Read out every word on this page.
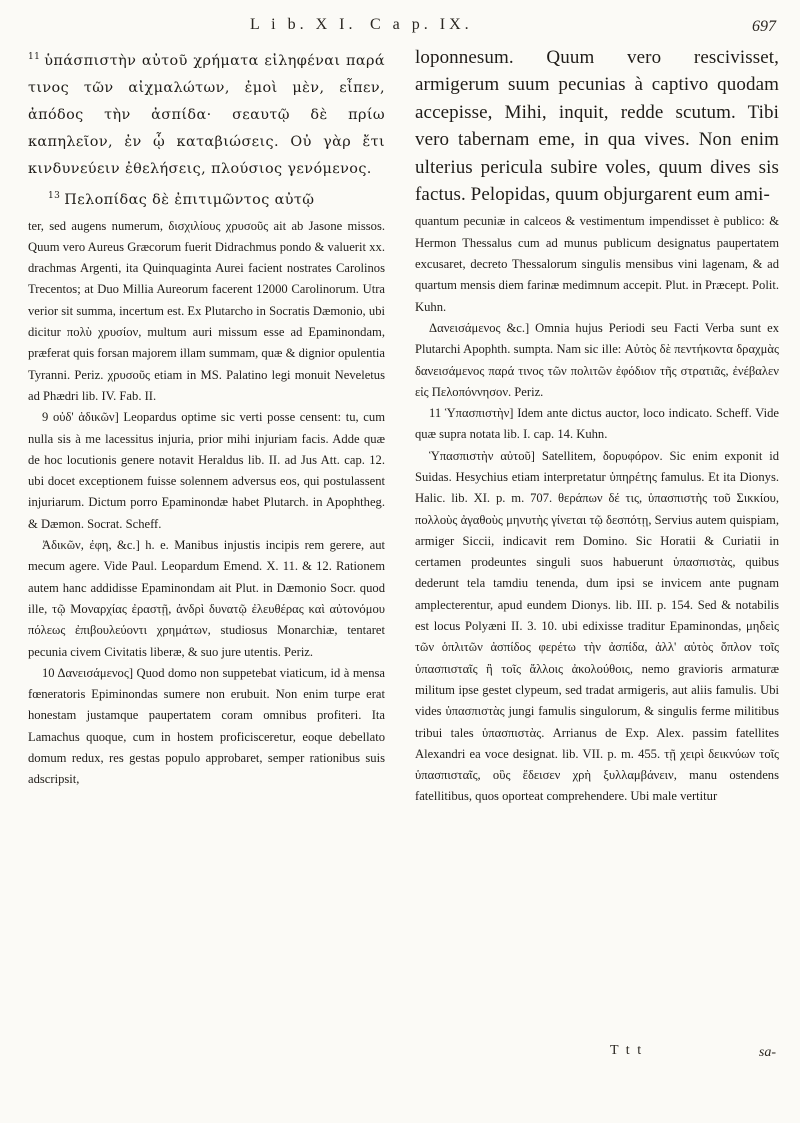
L i b. X I. C a p. IX.	697

$^{11}$ ὑπάσπιστὴν αὐτοῦ χρήματα εἰληφέναι παρά τινος τῶν αἰχμαλώτων, ἐμοὶ μὲν, εἶπεν, ἀπόδος τὴν ἀσπίδα· σεαυτῷ δὲ πρίω καπηλεῖον, ἐν ᾧ καταβιώσεις. Οὐ γὰρ ἔτι κινδυνεύειν ἐθελήσεις, πλούσιος γενόμενος.

$^{13}$ Πελοπίδας δὲ ἐπιτιμῶντος αὐτῷ

ter, sed augens numerum, δισχιλίους χρυσοῦς ait ab Jasone missos. Quum vero Aureus Græcorum fuerit Didrachmus pondo & valuerit xx. drachmas Argenti, ita Quinquaginta Aurei facient nostrates Carolinos Trecentos; at Duo Millia Aureorum facerent 12000 Carolinorum. Utra verior sit summa, incertum est. Ex Plutarcho in Socratis Dæmonio, ubi dicitur πολὺ χρυσίον, multum auri missum esse ad Epaminondam, præferat quis forsan majorem illam summam, quæ & dignior opulentia Tyranni. Periz. χρυσοῦς etiam in MS. Palatino legi monuit Neveletus ad Phædri lib. IV. Fab. II.

9 οὐδ' ἀδικῶν] Leopardus optime sic verti posse censent: tu, cum nulla sis à me lacessitus injuria, prior mihi injuriam facis. Adde quæ de hoc locutionis genere notavit Heraldus lib. II. ad Jus Att. cap. 12. ubi docet exceptionem fuisse solennem adversus eos, qui postulassent injuriarum. Dictum porro Epaminondæ habet Plutarch. in Apophtheg. & Dæmon. Socrat. Scheff.

Ἀδικῶν, ἐφη, &c.] h. e. Manibus injustis incipis rem gerere, aut mecum agere. Vide Paul. Leopardum Emend. X. 11. & 12. Rationem autem hanc addidisse Epaminondam ait Plut. in Dæmonio Socr. quod ille, τῷ Μοναρχίας ἐραστῇ, ἀνδρὶ δυνατῷ ἐλευθέρας καὶ αὐτονόμου πόλεως ἐπιβουλεύοντι χρημάτων, studiosus Monarchiæ, tentaret pecunia civem Civitatis liberæ, & suo jure utentis. Periz.

10 Δανεισάμενος] Quod domo non suppetebat viaticum, id à mensa fœneratoris Epiminondas sumere non erubuit. Non enim turpe erat honestam justamque paupertatem coram omnibus profiteri. Ita Lamachus quoque, cum in hostem proficisceretur, eoque debellato domum redux, res gestas populo approbaret, semper rationibus suis adscripsit,

loponnesum. Quum vero rescivisset, armigerum suum pecunias à captivo quodam accepisse, Mihi, inquit, redde scutum. Tibi vero tabernam eme, in qua vives. Non enim ulterius pericula subire voles, quum dives sis factus. Pelopidas, quum objurgarent eum ami-

quantum pecuniæ in calceos & vestimentum impendisset è publico: & Hermon Thessalus cum ad munus publicum designatus paupertatem excusaret, decreto Thessalorum singulis mensibus vini lagenam, & ad quartum mensis diem farinæ medimnum accepit. Plut. in Præcept. Polit. Kuhn.

Δανεισάμενος &c.] Omnia hujus Periodi seu Facti Verba sunt ex Plutarchi Apophth. sumpta. Nam sic ille: Αὐτὸς δὲ πεντήκοντα δραχμὰς δανεισάμενος παρά τινος τῶν πολιτῶν ἐφόδιον τῆς στρατιᾶς, ἐνέβαλεν εἰς Πελοπόννησον. Periz.

11 Ὑπασπιστὴν] Idem ante dictus auctor, loco indicato. Scheff. Vide quæ supra notata lib. I. cap. 14. Kuhn.

Ὑπασπιστὴν αὐτοῦ] Satellitem, δορυφόρον. Sic enim exponit id Suidas. Hesychius etiam interpretatur ὑπηρέτης famulus. Et ita Dionys. Halic. lib. XI. p. m. 707. θεράπων δέ τις, ὑπασπιστὴς τοῦ Σικκίου, πολλοὺς ἀγαθοὺς μηνυτὴς γίνεται τῷ δεσπότῃ, Servius autem quispiam, armiger Siccii, indicavit rem Domino. Sic Horatii & Curiatii in certamen prodeuntes singuli suos habuerunt ὑπασπιστὰς, quibus dederunt tela tamdiu tenenda, dum ipsi se invicem ante pugnam amplecterentur, apud eundem Dionys. lib. III. p. 154. Sed & notabilis est locus Polyæni II. 3. 10. ubi edixisse traditur Epaminondas, μηδεὶς τῶν ὁπλιτῶν ἀσπίδος φερέτω τὴν ἀσπίδα, ἀλλ' αὐτὸς ὄπλον τοῖς ὑπασπισταῖς ἢ τοῖς ἄλλοις ἀκολούθοις, nemo gravioris armaturæ militum ipse gestet clypeum, sed tradat armigeris, aut aliis famulis. Ubi vides ὑπασπιστὰς jungi famulis singulorum, & singulis ferme militibus tribui tales ὑπασπιστὰς. Arrianus de Exp. Alex. passim fatellites Alexandri ea voce designat. lib. VII. p. m. 455. τῇ χειρὶ δεικνύων τοῖς ὑπασπισταῖς, οὓς ἔδεισεν χρὴ ξυλλαμβάνειν, manu ostendens fatellitibus, quos oporteat comprehendere. Ubi male vertitur

T t t	sa-
